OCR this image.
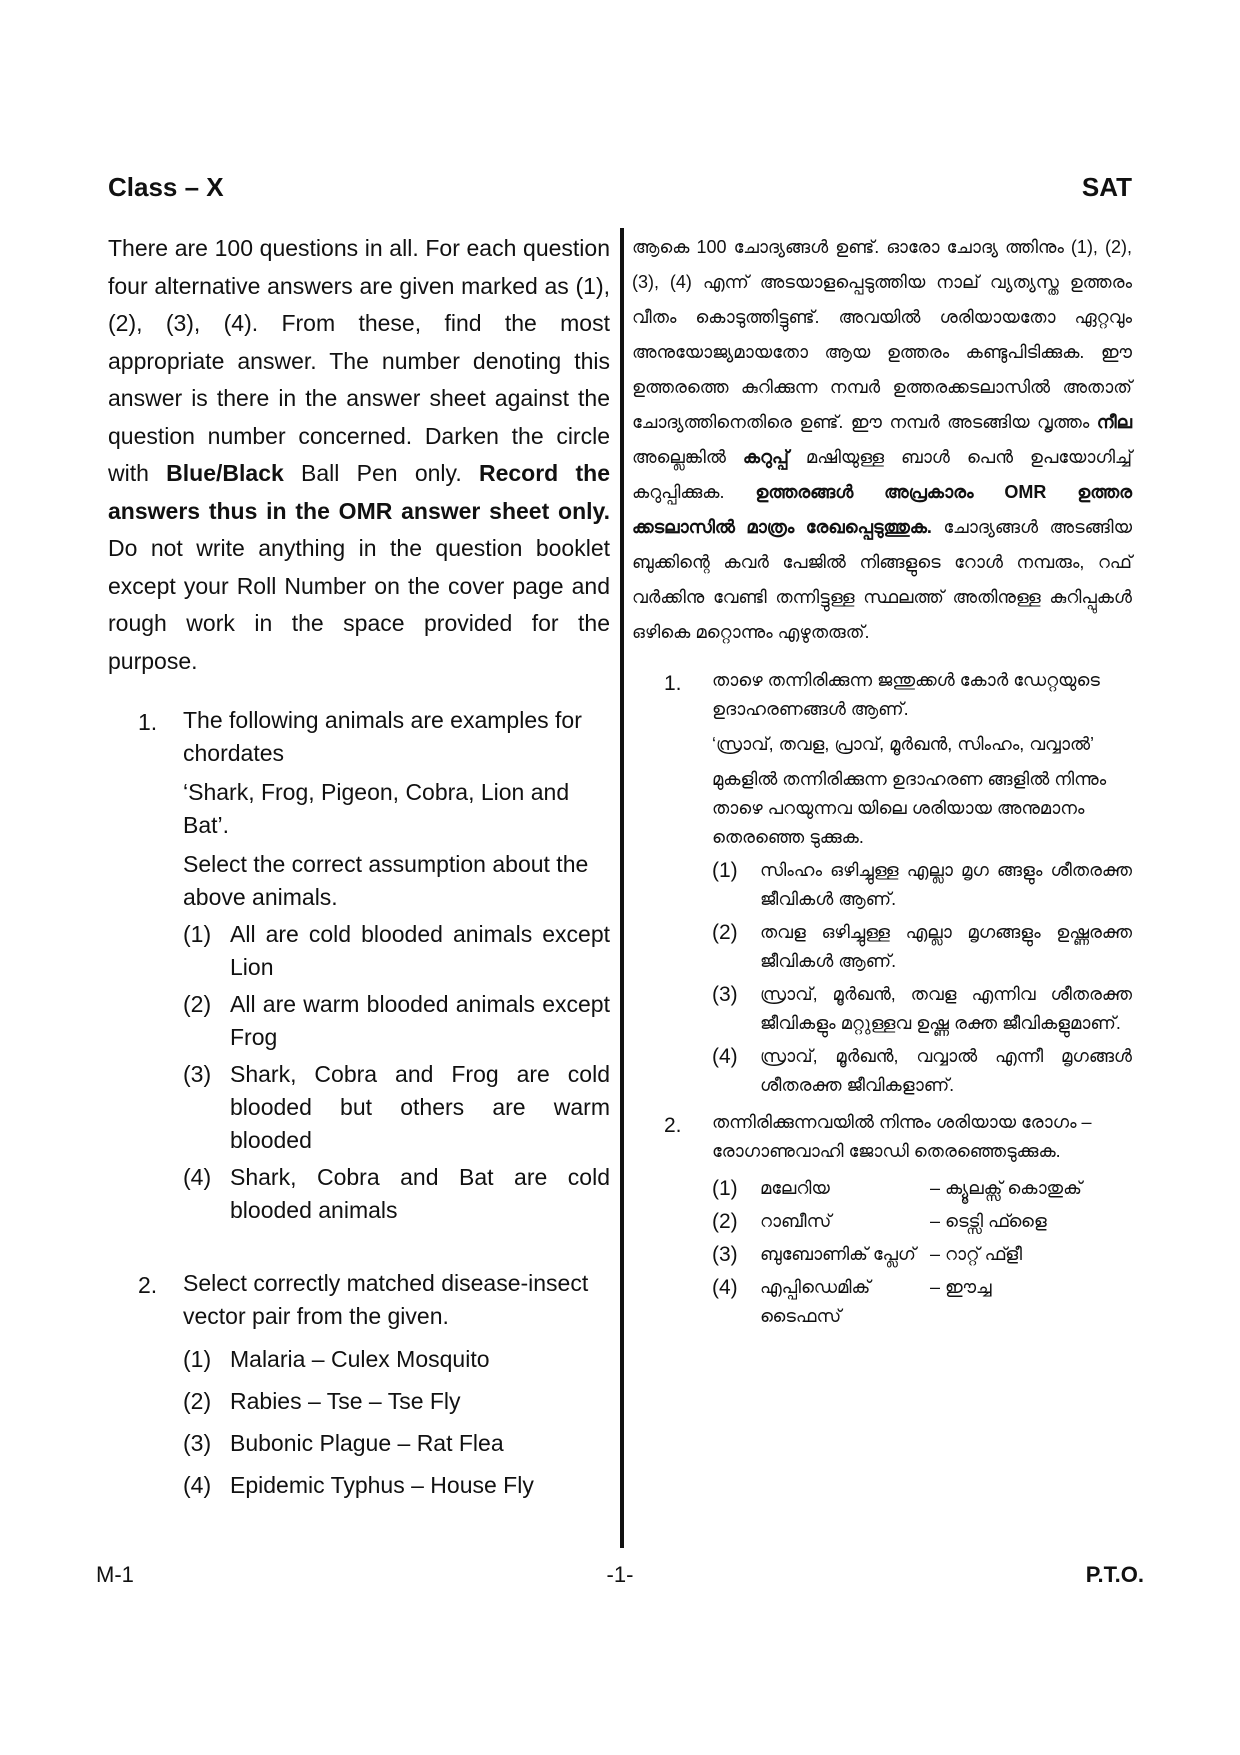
Class – X	SAT

There are 100 questions in all. For each question four alternative answers are given marked as (1), (2), (3), (4). From these, find the most appropriate answer. The number denoting this answer is there in the answer sheet against the question number concerned. Darken the circle with Blue/Black Ball Pen only. Record the answers thus in the OMR answer sheet only. Do not write anything in the question booklet except your Roll Number on the cover page and rough work in the space provided for the purpose.

1. The following animals are examples for chordates

‘Shark, Frog, Pigeon, Cobra, Lion and Bat’.

Select the correct assumption about the above animals.

(1) All are cold blooded animals except Lion
(2) All are warm blooded animals except Frog
(3) Shark, Cobra and Frog are cold blooded but others are warm blooded
(4) Shark, Cobra and Bat are cold blooded animals
2. Select correctly matched disease-insect vector pair from the given.

(1) Malaria – Culex Mosquito
(2) Rabies – Tse – Tse Fly
(3) Bubonic Plague – Rat Flea
(4) Epidemic Typhus – House Fly

ആകെ 100 ചോദ്യങ്ങൾ ഉണ്ട്. ഓരോ ചോദ്യ ത്തിനും (1), (2), (3), (4) എന്ന് അടയാളപ്പെടുത്തിയ നാല് വ്യത്യസ്ത ഉത്തരം വീതം കൊടുത്തിട്ടുണ്ട്. അവയിൽ ശരിയായതോ ഏറ്റവും അനുയോജ്യമായതോ ആയ ഉത്തരം കണ്ടുപിടിക്കുക. ഈ ഉത്തരത്തെ കുറിക്കുന്ന നമ്പർ ഉത്തരക്കടലാസിൽ അതാത് ചോദ്യത്തിനെതിരെ ഉണ്ട്. ഈ നമ്പർ അടങ്ങിയ വൃത്തം നീല അല്ലെങ്കിൽ കറുപ്പ് മഷിയുള്ള ബാൾ പെൻ ഉപയോഗിച്ച് കറുപ്പിക്കുക. ഉത്തരങ്ങൾ അപ്രകാരം OMR ഉത്തര ക്കടലാസിൽ മാത്രം രേഖപ്പെടുത്തുക. ചോദ്യങ്ങൾ അടങ്ങിയ ബുക്കിന്റെ കവർ പേജിൽ നിങ്ങളുടെ റോൾ നമ്പരും, റഫ് വർക്കിനു വേണ്ടി തന്നിട്ടുള്ള സ്ഥലത്ത് അതിനുള്ള കുറിപ്പുകൾ ഒഴികെ മറ്റൊന്നും എഴുതരുത്.

1. താഴെ തന്നിരിക്കുന്ന ജന്തുക്കൾ കോർ ഡേറ്റയുടെ ഉദാഹരണങ്ങൾ ആണ്.

‘സ്രാവ്, തവള, പ്രാവ്, മൂർഖൻ, സിംഹം, വവ്വാൽ’

മുകളിൽ തന്നിരിക്കുന്ന ഉദാഹരണ ങ്ങളിൽ നിന്നും താഴെ പറയുന്നവ യിലെ ശരിയായ അനുമാനം തെരഞ്ഞെ ടുക്കുക.

(1) സിംഹം ഒഴിച്ചുള്ള എല്ലാ മൃഗ ങ്ങളും ശീതരക്ത ജീവികൾ ആണ്.
(2) തവള ഒഴിച്ചുള്ള എല്ലാ മൃഗങ്ങളും ഉഷ്ണരക്ത ജീവികൾ ആണ്.
(3) സ്രാവ്, മൂർഖൻ, തവള എന്നിവ ശീതരക്ത ജീവികളും മറ്റുള്ളവ ഉഷ്ണ രക്ത ജീവികളുമാണ്.
(4) സ്രാവ്, മൂർഖൻ, വവ്വാൽ എന്നീ മൃഗങ്ങൾ ശീതരക്ത ജീവികളാണ്.
2. തന്നിരിക്കുന്നവയിൽ നിന്നും ശരിയായ രോഗം – രോഗാണുവാഹി ജോഡി തെരഞ്ഞെടുക്കുക.

(1) മലേറിയ	– ക്യൂലക്സ് കൊതുക്
(2) റാബീസ്	– ടെട്സി ഫ്ളൈ
(3) ബുബോണിക് പ്ലേഗ് – റാറ്റ് ഫ്ളീ
(4) എപ്പിഡെമിക് ടൈഫസ്
– ഈച്ച
M-1	-1-	P.T.O.
